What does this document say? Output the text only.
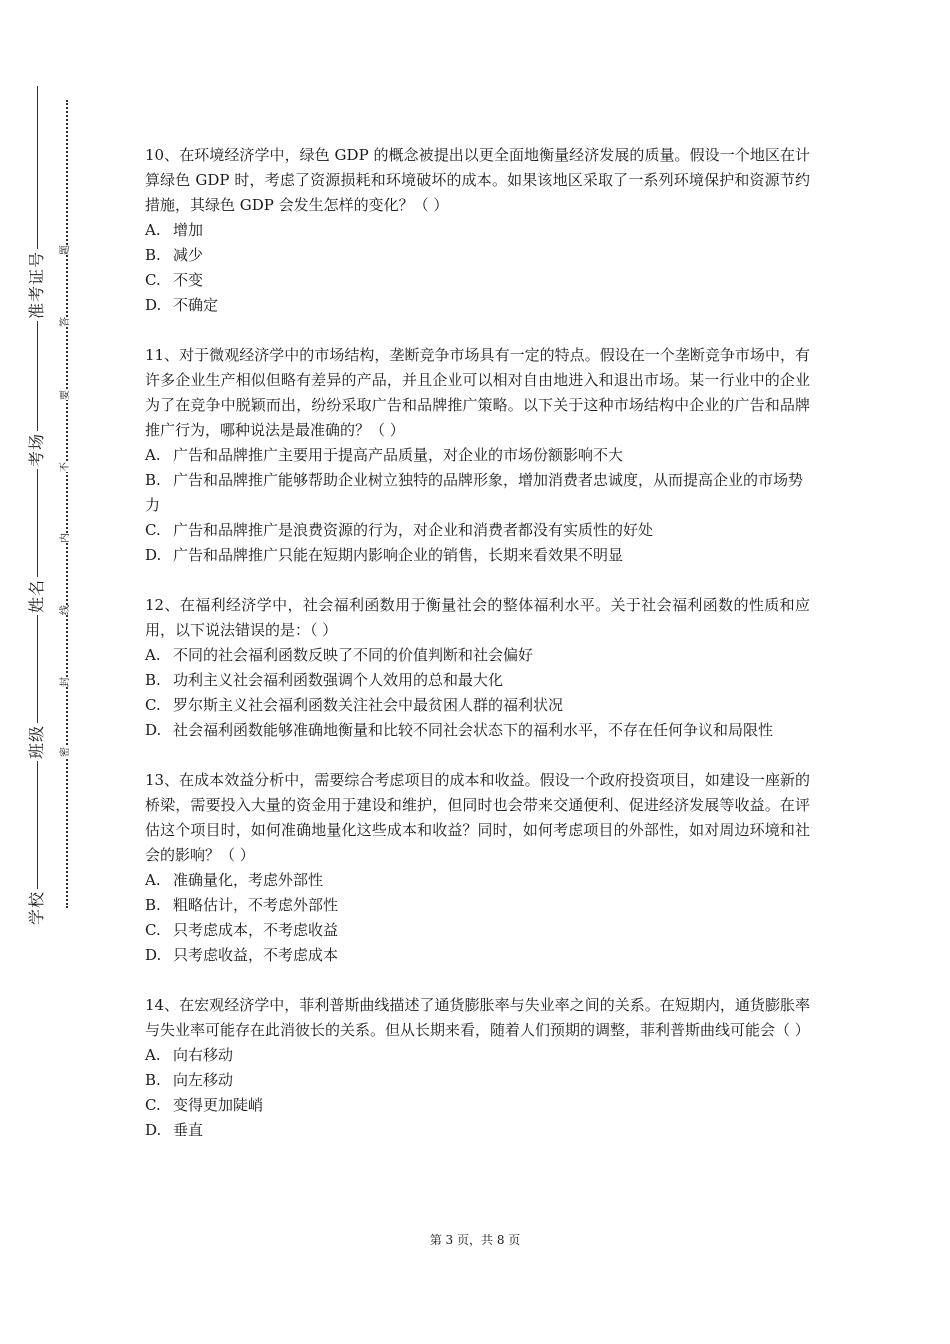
准考证号
考场
姓名
班级
学校
题
答
要
不
内
线
封
密

10、在环境经济学中，绿色 GDP 的概念被提出以更全面地衡量经济发展的质量。假设一个地区在计算绿色 GDP 时，考虑了资源损耗和环境破坏的成本。如果该地区采取了一系列环境保护和资源节约措施，其绿色 GDP 会发生怎样的变化？（ ）

A. 增加

B. 减少

C. 不变

D. 不确定

11、对于微观经济学中的市场结构，垄断竞争市场具有一定的特点。假设在一个垄断竞争市场中，有许多企业生产相似但略有差异的产品，并且企业可以相对自由地进入和退出市场。某一行业中的企业为了在竞争中脱颖而出，纷纷采取广告和品牌推广策略。以下关于这种市场结构中企业的广告和品牌推广行为，哪种说法是最准确的？（ ）

A. 广告和品牌推广主要用于提高产品质量，对企业的市场份额影响不大

B. 广告和品牌推广能够帮助企业树立独特的品牌形象，增加消费者忠诚度，从而提高企业的市场势力

C. 广告和品牌推广是浪费资源的行为，对企业和消费者都没有实质性的好处

D. 广告和品牌推广只能在短期内影响企业的销售，长期来看效果不明显

12、在福利经济学中，社会福利函数用于衡量社会的整体福利水平。关于社会福利函数的性质和应用，以下说法错误的是：（ ）

A. 不同的社会福利函数反映了不同的价值判断和社会偏好

B. 功利主义社会福利函数强调个人效用的总和最大化

C. 罗尔斯主义社会福利函数关注社会中最贫困人群的福利状况

D. 社会福利函数能够准确地衡量和比较不同社会状态下的福利水平，不存在任何争议和局限性

13、在成本效益分析中，需要综合考虑项目的成本和收益。假设一个政府投资项目，如建设一座新的桥梁，需要投入大量的资金用于建设和维护，但同时也会带来交通便利、促进经济发展等收益。在评估这个项目时，如何准确地量化这些成本和收益？同时，如何考虑项目的外部性，如对周边环境和社会的影响？（ ）

A. 准确量化，考虑外部性

B. 粗略估计，不考虑外部性

C. 只考虑成本，不考虑收益

D. 只考虑收益，不考虑成本

14、在宏观经济学中，菲利普斯曲线描述了通货膨胀率与失业率之间的关系。在短期内，通货膨胀率与失业率可能存在此消彼长的关系。但从长期来看，随着人们预期的调整，菲利普斯曲线可能会（ ）

A. 向右移动

B. 向左移动

C. 变得更加陡峭

D. 垂直

第 3 页，共 8 页
